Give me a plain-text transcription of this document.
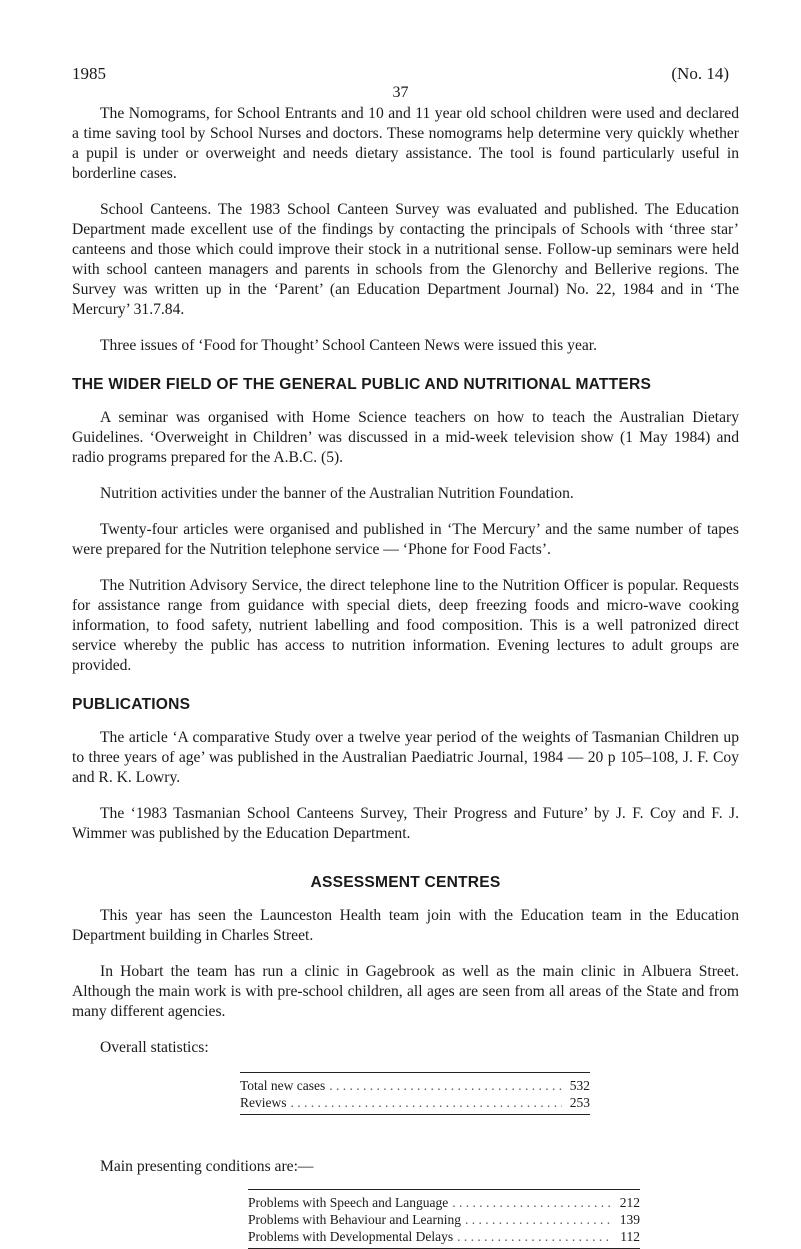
1985	(No. 14)
37

The Nomograms, for School Entrants and 10 and 11 year old school children were used and declared a time saving tool by School Nurses and doctors. These nomograms help determine very quickly whether a pupil is under or overweight and needs dietary assistance. The tool is found particularly useful in borderline cases.

School Canteens. The 1983 School Canteen Survey was evaluated and published. The Education Department made excellent use of the findings by contacting the principals of Schools with ‘three star’ canteens and those which could improve their stock in a nutritional sense. Follow-up seminars were held with school canteen managers and parents in schools from the Glenorchy and Bellerive regions. The Survey was written up in the ‘Parent’ (an Education Department Journal) No. 22, 1984 and in ‘The Mercury’ 31.7.84.

Three issues of ‘Food for Thought’ School Canteen News were issued this year.

THE WIDER FIELD OF THE GENERAL PUBLIC AND NUTRITIONAL MATTERS

A seminar was organised with Home Science teachers on how to teach the Australian Dietary Guidelines. ‘Overweight in Children’ was discussed in a mid-week television show (1 May 1984) and radio programs prepared for the A.B.C. (5).

Nutrition activities under the banner of the Australian Nutrition Foundation.

Twenty-four articles were organised and published in ‘The Mercury’ and the same number of tapes were prepared for the Nutrition telephone service — ‘Phone for Food Facts’.

The Nutrition Advisory Service, the direct telephone line to the Nutrition Officer is popular. Requests for assistance range from guidance with special diets, deep freezing foods and micro-wave cooking information, to food safety, nutrient labelling and food composition. This is a well patronized direct service whereby the public has access to nutrition information. Evening lectures to adult groups are provided.

PUBLICATIONS

The article ‘A comparative Study over a twelve year period of the weights of Tasmanian Children up to three years of age’ was published in the Australian Paediatric Journal, 1984 — 20 p 105–108, J. F. Coy and R. K. Lowry.

The ‘1983 Tasmanian School Canteens Survey, Their Progress and Future’ by J. F. Coy and F. J. Wimmer was published by the Education Department.

ASSESSMENT CENTRES

This year has seen the Launceston Health team join with the Education team in the Education Department building in Charles Street.

In Hobart the team has run a clinic in Gagebrook as well as the main clinic in Albuera Street. Although the main work is with pre-school children, all ages are seen from all areas of the State and from many different agencies.

Overall statistics:

Total new cases . . .	532
Reviews . . .	253

Main presenting conditions are:—

Problems with Speech and Language . . .	212
Problems with Behaviour and Learning . . .	139
Problems with Developmental Delays . . .	112
